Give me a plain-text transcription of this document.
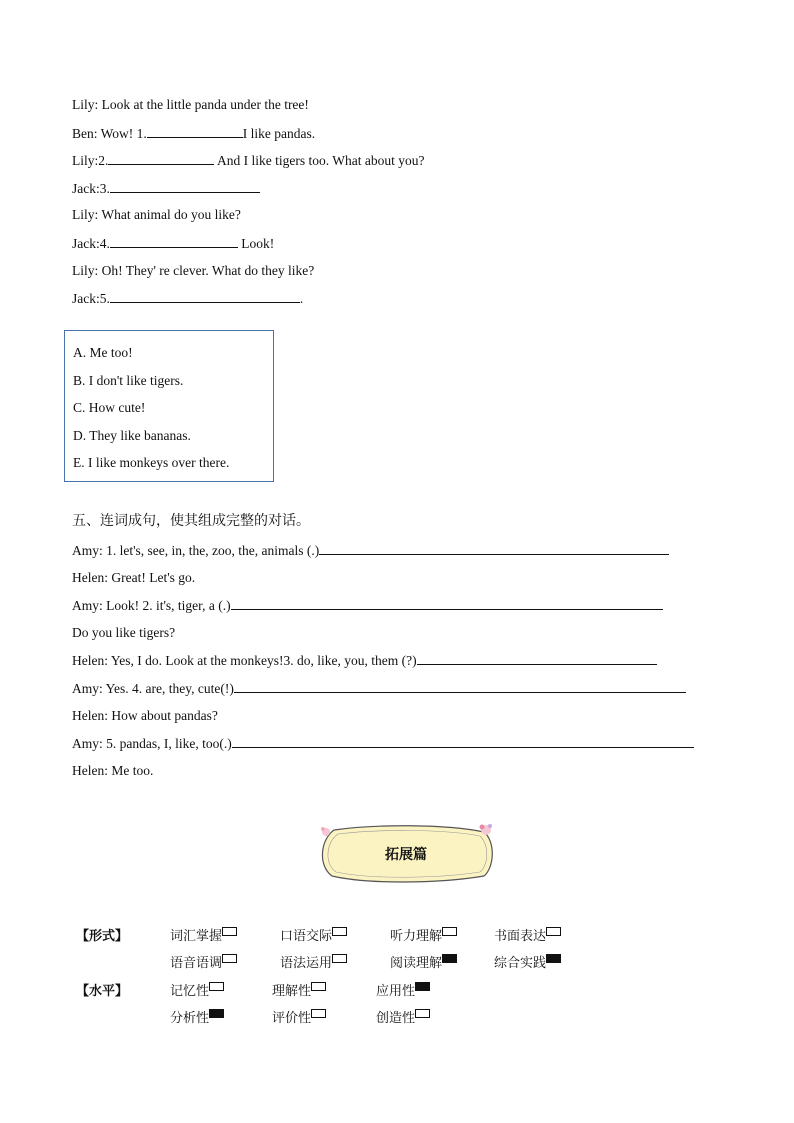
Lily: Look at the little panda under the tree!
Ben: Wow! 1.	I like pandas.
Lily:2.	And I like tigers too. What about you?
Jack:3.
Lily: What animal do you like?
Jack:4.	Look!
Lily: Oh! They' re clever. What do they like?
Jack:5.	.
A. Me too!
B. I don't like tigers.
C. How cute!
D. They like bananas.
E. I like monkeys over there.
五、连词成句，使其组成完整的对话。
Amy: 1. let's, see, in, the, zoo, the, animals (.)
Helen: Great! Let's go.
Amy: Look! 2. it's, tiger, a (.)
Do you like tigers?
Helen: Yes, I do. Look at the monkeys!3. do, like, you, them (?)
Amy: Yes. 4. are, they, cute(!)
Helen: How about pandas?
Amy: 5. pandas, I, like, too(.)
Helen: Me too.
拓展篇
【形式】
【水平】
词汇掌握	口语交际	听力理解	书面表达
语音语调	语法运用	阅读理解	综合实践
记忆性	理解性	应用性
分析性	评价性	创造性
